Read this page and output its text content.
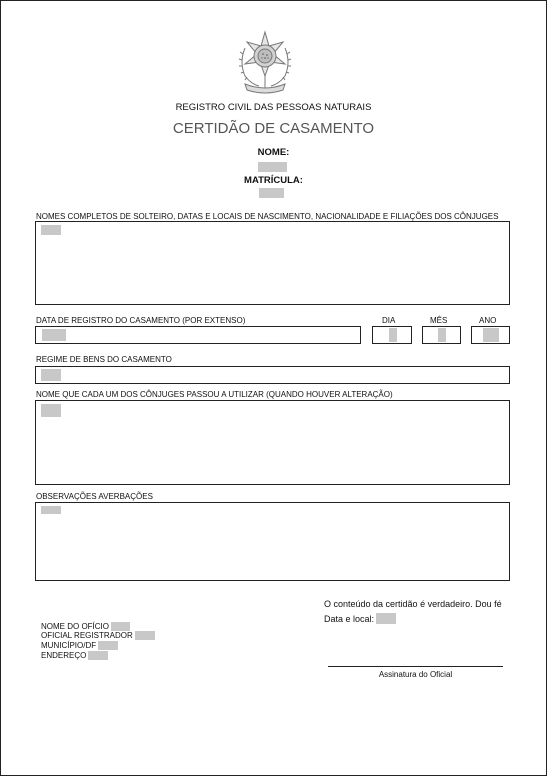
REGISTRO CIVIL DAS PESSOAS NATURAIS
CERTIDÃO DE CASAMENTO
NOME:
MATRÍCULA:
NOMES COMPLETOS DE SOLTEIRO, DATAS E LOCAIS DE NASCIMENTO, NACIONALIDADE E FILIAÇÕES DOS CÔNJUGES
DATA DE REGISTRO DO CASAMENTO (POR EXTENSO)	DIA	MÊS	ANO
REGIME DE BENS DO CASAMENTO
NOME QUE CADA UM DOS CÔNJUGES PASSOU A UTILIZAR (QUANDO HOUVER ALTERAÇÃO)
OBSERVAÇÕES AVERBAÇÕES
NOME DO OFÍCIO
OFICIAL REGISTRADOR
MUNICÍPIO/DF
ENDEREÇO
O conteúdo da certidão é verdadeiro. Dou fé
Data e local:
Assinatura do Oficial
